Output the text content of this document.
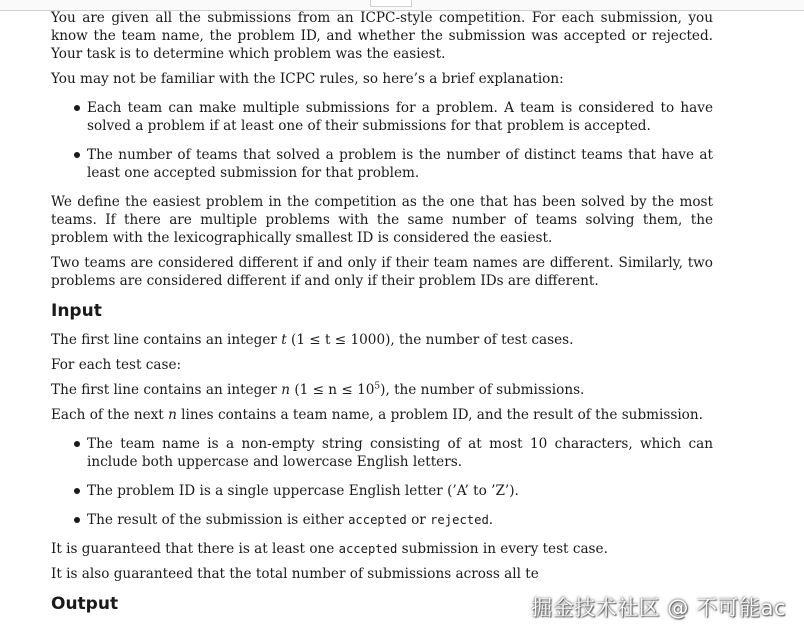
You are given all the submissions from an ICPC-style competition. For each submission, you know the team name, the problem ID, and whether the submission was accepted or rejected. Your task is to determine which problem was the easiest.

You may not be familiar with the ICPC rules, so here’s a brief explanation:

Each team can make multiple submissions for a problem. A team is considered to have solved a problem if at least one of their submissions for that problem is accepted.
The number of teams that solved a problem is the number of distinct teams that have at least one accepted submission for that problem.

We define the easiest problem in the competition as the one that has been solved by the most teams. If there are multiple problems with the same number of teams solving them, the problem with the lexicographically smallest ID is considered the easiest.

Two teams are considered different if and only if their team names are different. Similarly, two problems are considered different if and only if their problem IDs are different.

Input

The first line contains an integer t (1 ≤ t ≤ 1000), the number of test cases.

For each test case:

The first line contains an integer n $(1 \le n \le 10^5)$, the number of submissions.

Each of the next n lines contains a team name, a problem ID, and the result of the submission.

The team name is a non-empty string consisting of at most 10 characters, which can include both uppercase and lowercase English letters.
The problem ID is a single uppercase English letter (’A’ to ’Z’).
The result of the submission is either accepted or rejected.

It is guaranteed that there is at least one accepted submission in every test case.

It is also guaranteed that the total number of submissions across all te

Output	掘金技术社区 @ 不可能ac
